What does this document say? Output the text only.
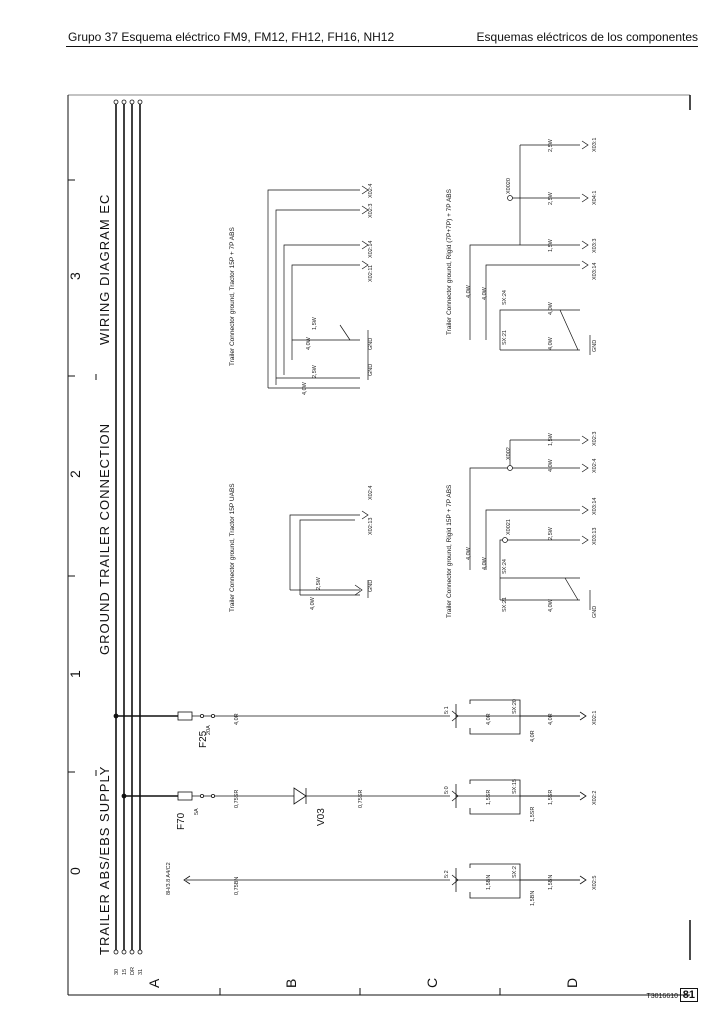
Grupo 37 Esquema eléctrico FM9, FM12, FH12, FH16, NH12	Esquemas eléctricos de los componentes
0
1
2
3
A	B	C	D
TRAILER ABS/EBS SUPPLY
GROUND TRAILER CONNECTION
WIRING DIAGRAM EC
30 15 DR 31
F25
20A
F70
5A	V03
8H/3.8 A4/C2
4,0R
0,75SR	0,75SR
0,75BN
5:1
5:0
5:2
4,0R
1,5SR
1,5BN
SX:20
SX:15
SX:2
4,0R
1,5SR
1,5BN
4,0R
1,5SR
1,5BN
X02:1
X02:2
X02:5
Trailer Connector ground, Tractor 15P UABS	4,0W
2,5W
X02:13
X02:4
GND
Trailer Connector ground, Tractor 15P + 7P ABS
4,0W
2,5W
4,0W
1,5W
X02:11
X02:14
X02:3
X02:4
GND
GND
Trailer Connector ground, Rigid 15P + 7P ABS 4,0W
4,0W
SX:21
SX:24
X0021
X002
4,0W
2,5W
4,0W
1,5W
X03:13
X03:14
X02:4
X02:3
GND
Trailer Connector ground, Rigid (7P+7P) + 7P ABS 4,0W 4,0W
SX:21
SX:24
X0020
4,0W
4,0W
1,5W
2,5W
2,5W
X03:14
X03:3
X04:1
X03:1
GND
T3016610 81
